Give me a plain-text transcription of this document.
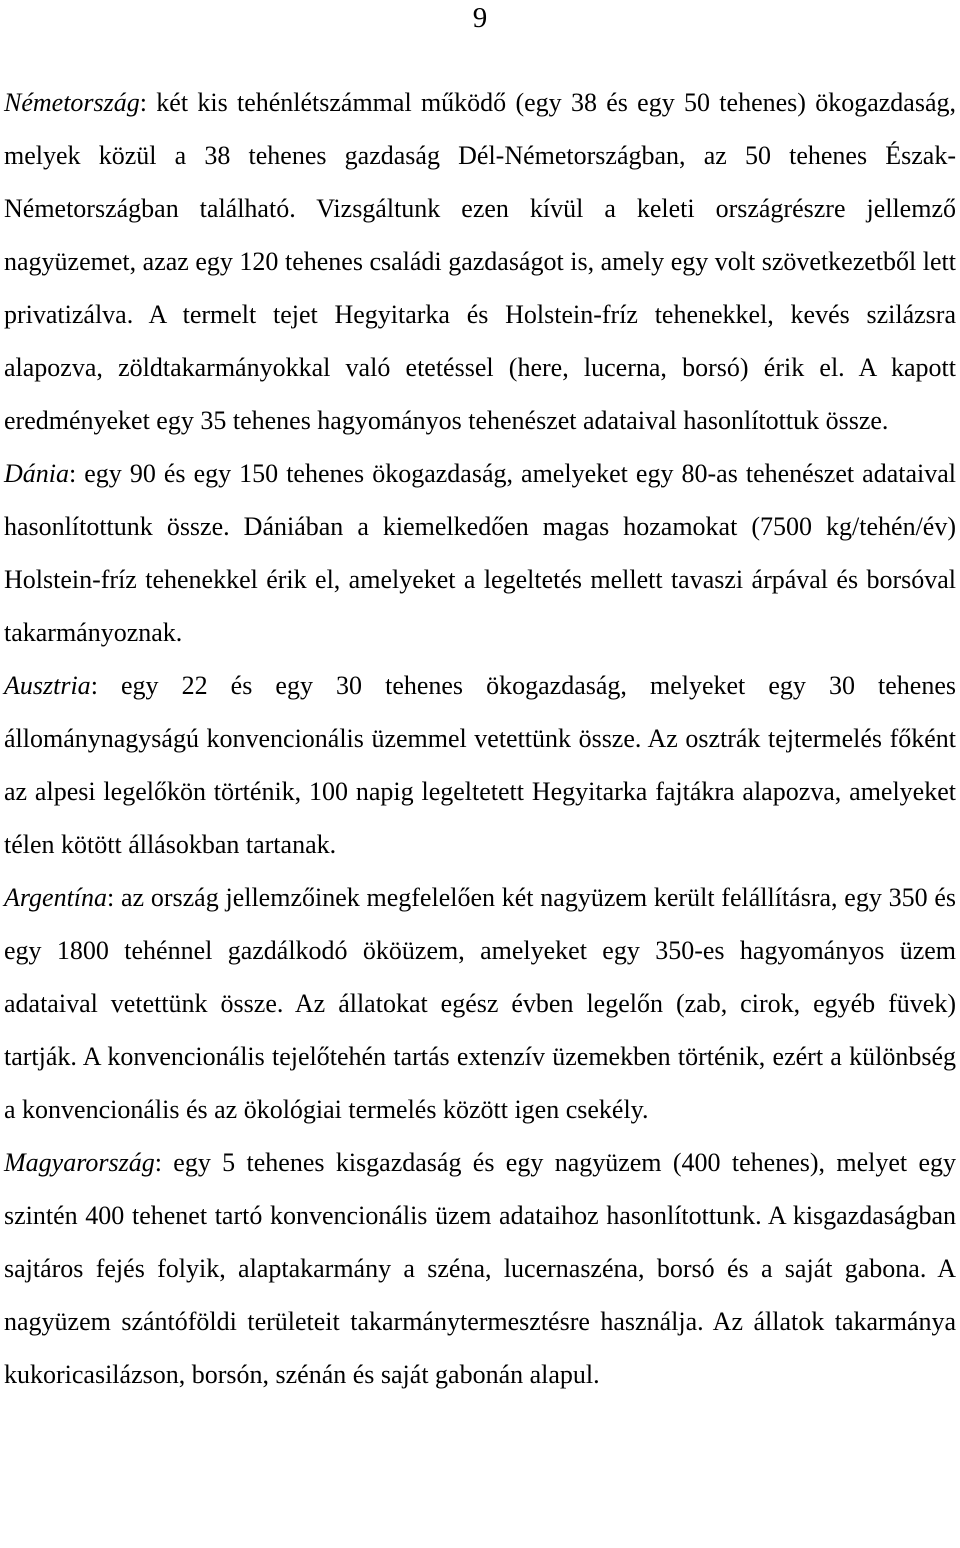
9

Németország: két kis tehénlétszámmal működő (egy 38 és egy 50 tehenes) ökogazdaság, melyek közül a 38 tehenes gazdaság Dél-Németországban, az 50 tehenes Észak-Németországban található. Vizsgáltunk ezen kívül a keleti országrészre jellemző nagyüzemet, azaz egy 120 tehenes családi gazdaságot is, amely egy volt szövetkezetből lett privatizálva. A termelt tejet Hegyitarka és Holstein-fríz tehenekkel, kevés szilázsra alapozva, zöldtakarmányokkal való etetéssel (here, lucerna, borsó) érik el. A kapott eredményeket egy 35 tehenes hagyományos tehenészet adataival hasonlítottuk össze.

Dánia: egy 90 és egy 150 tehenes ökogazdaság, amelyeket egy 80-as tehenészet adataival hasonlítottunk össze. Dániában a kiemelkedően magas hozamokat (7500 kg/tehén/év) Holstein-fríz tehenekkel érik el, amelyeket a legeltetés mellett tavaszi árpával és borsóval takarmányoznak.

Ausztria: egy 22 és egy 30 tehenes ökogazdaság, melyeket egy 30 tehenes állománynagyságú konvencionális üzemmel vetettünk össze. Az osztrák tejtermelés főként az alpesi legelőkön történik, 100 napig legeltetett Hegyitarka fajtákra alapozva, amelyeket télen kötött állásokban tartanak.

Argentína: az ország jellemzőinek megfelelően két nagyüzem került felállításra, egy 350 és egy 1800 tehénnel gazdálkodó ököüzem, amelyeket egy 350-es hagyományos üzem adataival vetettünk össze. Az állatokat egész évben legelőn (zab, cirok, egyéb füvek) tartják. A konvencionális tejelőtehén tartás extenzív üzemekben történik, ezért a különbség a konvencionális és az ökológiai termelés között igen csekély.

Magyarország: egy 5 tehenes kisgazdaság és egy nagyüzem (400 tehenes), melyet egy szintén 400 tehenet tartó konvencionális üzem adataihoz hasonlítottunk. A kisgazdaságban sajtáros fejés folyik, alaptakarmány a széna, lucernaszéna, borsó és a saját gabona. A nagyüzem szántóföldi területeit takarmánytermesztésre használja. Az állatok takarmánya kukoricasilázson, borsón, szénán és saját gabonán alapul.
